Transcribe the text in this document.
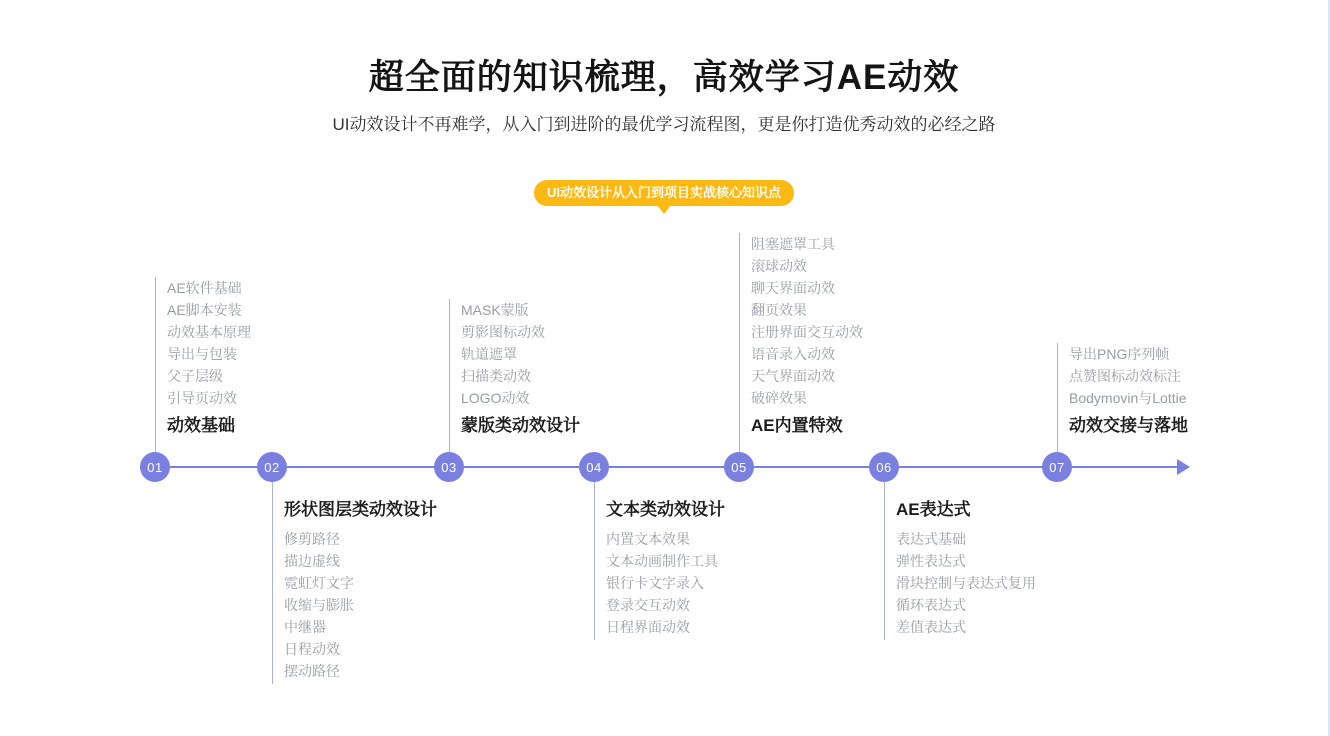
超全面的知识梳理，高效学习AE动效
UI动效设计不再难学，从入门到进阶的最优学习流程图，更是你打造优秀动效的必经之路
UI动效设计从入门到项目实战核心知识点
01
AE软件基础
AE脚本安装
动效基本原理
导出与包装
父子层级
引导页动效
动效基础
02
形状图层类动效设计
修剪路径
描边虚线
霓虹灯文字
收缩与膨胀
中继器
日程动效
摆动路径
03
MASK蒙版
剪影图标动效
轨道遮罩
扫描类动效
LOGO动效
蒙版类动效设计
04
文本类动效设计
内置文本效果
文本动画制作工具
银行卡文字录入
登录交互动效
日程界面动效
05
阻塞遮罩工具
滚球动效
聊天界面动效
翻页效果
注册界面交互动效
语音录入动效
天气界面动效
破碎效果
AE内置特效
06
AE表达式
表达式基础
弹性表达式
滑块控制与表达式复用
循环表达式
差值表达式
07
导出PNG序列帧
点赞图标动效标注
Bodymovin与Lottie
动效交接与落地
